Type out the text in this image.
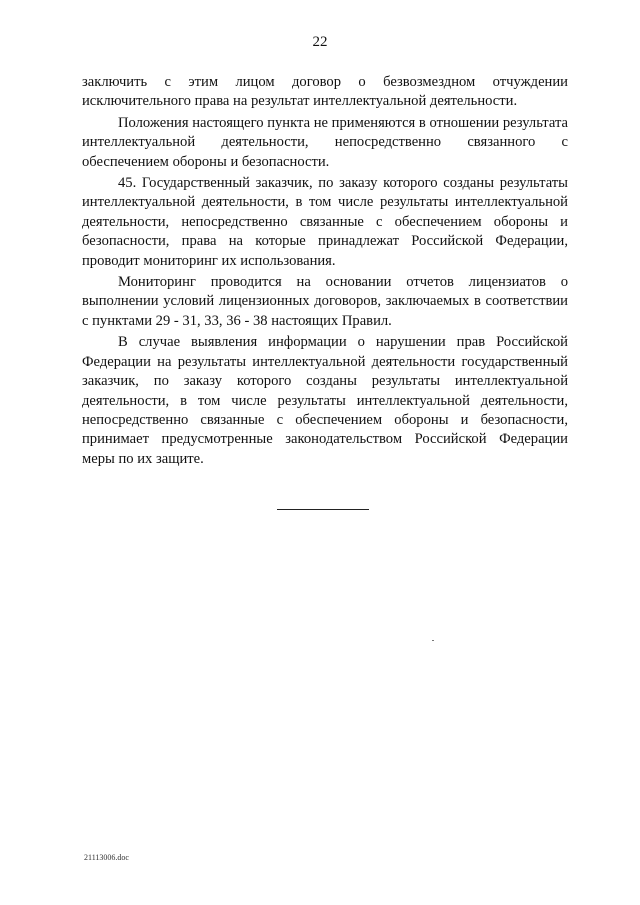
22

заключить с этим лицом договор о безвозмездном отчуждении исключительного права на результат интеллектуальной деятельности.

Положения настоящего пункта не применяются в отношении результата интеллектуальной деятельности, непосредственно связанного с обеспечением обороны и безопасности.

45. Государственный заказчик, по заказу которого созданы результаты интеллектуальной деятельности, в том числе результаты интеллектуальной деятельности, непосредственно связанные с обеспечением обороны и безопасности, права на которые принадлежат Российской Федерации, проводит мониторинг их использования.

Мониторинг проводится на основании отчетов лицензиатов о выполнении условий лицензионных договоров, заключаемых в соответствии с пунктами 29 - 31, 33, 36 - 38 настоящих Правил.

В случае выявления информации о нарушении прав Российской Федерации на результаты интеллектуальной деятельности государственный заказчик, по заказу которого созданы результаты интеллектуальной деятельности, в том числе результаты интеллектуальной деятельности, непосредственно связанные с обеспечением обороны и безопасности, принимает предусмотренные законодательством Российской Федерации меры по их защите.

21113006.doc
